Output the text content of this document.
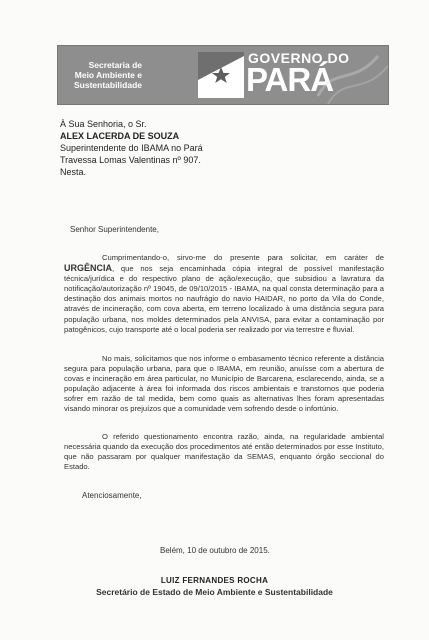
Secretaria de
Meio Ambiente e
Sustentabilidade
GOVERNO DO
PARÁ
À Sua Senhoria, o Sr.
ALEX LACERDA DE SOUZA
Superintendente do IBAMA no Pará
Travessa Lomas Valentinas nº 907.
Nesta.
Senhor Superintendente,
Cumprimentando-o, sirvo-me do presente para solicitar, em caráter de URGÊNCIA, que nos seja encaminhada cópia integral de possível manifestação técnica/jurídica e do respectivo plano de ação/execução, que subsidiou a lavratura da notificação/autorização nº 19045, de 09/10/2015 - IBAMA, na qual consta determinação para a destinação dos animais mortos no naufrágio do navio HAIDAR, no porto da Vila do Conde, através de incineração, com cova aberta, em terreno localizado à uma distância segura para população urbana, nos moldes determinados pela ANVISA, para evitar a contaminação por patogênicos, cujo transporte até o local poderia ser realizado por via terrestre e fluvial.
No mais, solicitamos que nos informe o embasamento técnico referente a distância segura para população urbana, para que o IBAMA, em reunião, anuísse com a abertura de covas e incineração em área particular, no Município de Barcarena, esclarecendo, ainda, se a população adjacente à área foi informada dos riscos ambientais e transtornos que poderia sofrer em razão de tal medida, bem como quais as alternativas lhes foram apresentadas visando minorar os prejuízos que a comunidade vem sofrendo desde o infortúnio.
O referido questionamento encontra razão, ainda, na regularidade ambiental necessária quando da execução dos procedimentos até então determinados por esse Instituto, que não passaram por qualquer manifestação da SEMAS, enquanto órgão seccional do Estado.
Atenciosamente,
Belém, 10 de outubro de 2015.
LUIZ FERNANDES ROCHA
Secretário de Estado de Meio Ambiente e Sustentabilidade
